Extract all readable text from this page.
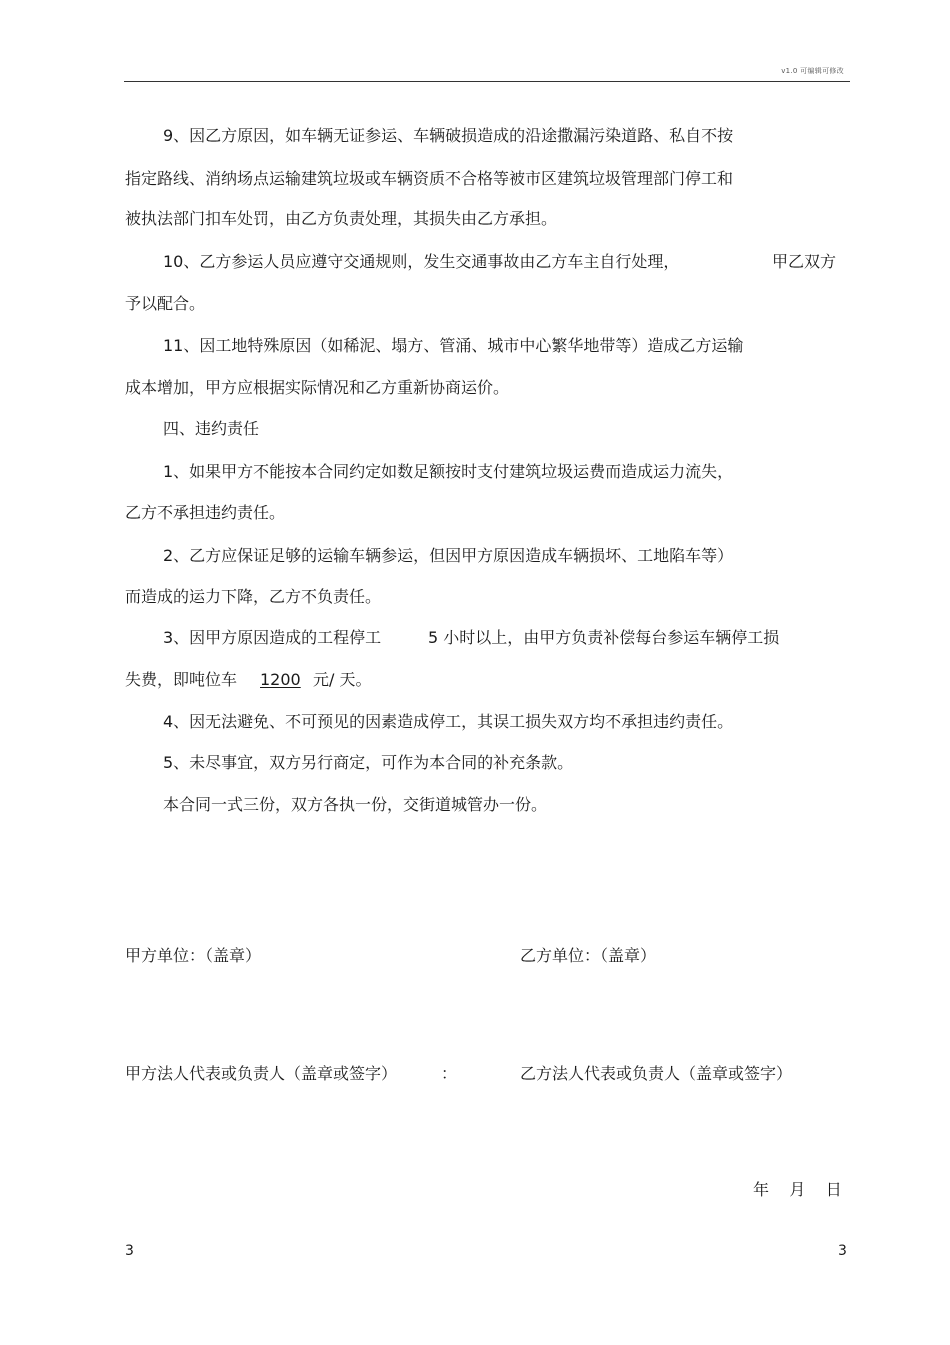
v1.0 可编辑可修改
9、因乙方原因，如车辆无证参运、车辆破损造成的沿途撒漏污染道路、私自不按
指定路线、消纳场点运输建筑垃圾或车辆资质不合格等被市区建筑垃圾管理部门停工和
被执法部门扣车处罚，由乙方负责处理，其损失由乙方承担。
10、乙方参运人员应遵守交通规则，发生交通事故由乙方车主自行处理，	甲乙双方
予以配合。
11、因工地特殊原因（如稀泥、塌方、管涌、城市中心繁华地带等）造成乙方运输
成本增加，甲方应根据实际情况和乙方重新协商运价。
四、违约责任
1、如果甲方不能按本合同约定如数足额按时支付建筑垃圾运费而造成运力流失，
乙方不承担违约责任。
2、乙方应保证足够的运输车辆参运，但因甲方原因造成车辆损坏、工地陷车等）
而造成的运力下降，乙方不负责任。
3、因甲方原因造成的工程停工	5 小时以上，由甲方负责补偿每台参运车辆停工损
失费，即吨位车 1200 元/ 天。
4、因无法避免、不可预见的因素造成停工，其误工损失双方均不承担违约责任。
5、未尽事宜，双方另行商定，可作为本合同的补充条款。
本合同一式三份，双方各执一份，交街道城管办一份。
甲方单位：（盖章）	乙方单位：（盖章）
甲方法人代表或负责人（盖章或签字）	：	乙方法人代表或负责人（盖章或签字）
年    月    日
3	3
